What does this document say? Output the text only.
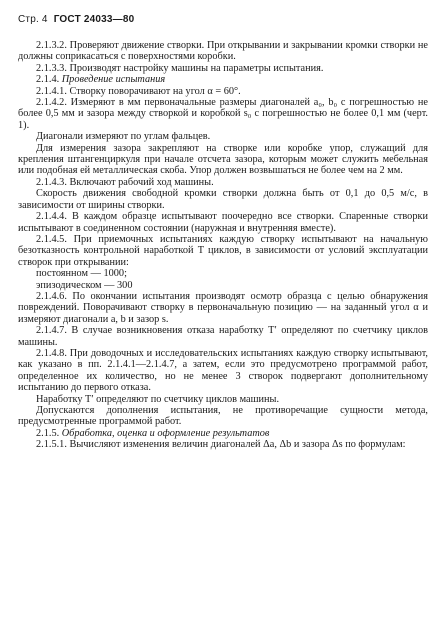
Стр. 4 ГОСТ 24033—80

2.1.3.2. Проверяют движение створки. При открывании и закрывании кромки створки не должны соприкасаться с поверхностями коробки.

2.1.3.3. Производят настройку машины на параметры испытания.

2.1.4. Проведение испытания

2.1.4.1. Створку поворачивают на угол α = 60°.

2.1.4.2. Измеряют в мм первоначальные размеры диагоналей a₀, b₀ с погрешностью не более 0,5 мм и зазора между створкой и коробкой s₀ с погрешностью не более 0,1 мм (черт. 1).

Диагонали измеряют по углам фальцев.

Для измерения зазора закрепляют на створке или коробке упор, служащий для крепления штангенциркуля при начале отсчета зазора, которым может служить мебельная или подобная ей металлическая скоба. Упор должен возвышаться не более чем на 2 мм.

2.1.4.3. Включают рабочий ход машины.

Скорость движения свободной кромки створки должна быть от 0,1 до 0,5 м/с, в зависимости от ширины створки.

2.1.4.4. В каждом образце испытывают поочередно все створки. Спаренные створки испытывают в соединенном состоянии (наружная и внутренняя вместе).

2.1.4.5. При приемочных испытаниях каждую створку испытывают на начальную безотказность контрольной наработкой T циклов, в зависимости от условий эксплуатации створок при открывании:

постоянном — 1000;

эпизодическом — 300

2.1.4.6. По окончании испытания производят осмотр образца с целью обнаружения повреждений. Поворачивают створку в первоначальную позицию — на заданный угол α и измеряют диагонали a, b и зазор s.

2.1.4.7. В случае возникновения отказа наработку T′ определяют по счетчику циклов машины.

2.1.4.8. При доводочных и исследовательских испытаниях каждую створку испытывают, как указано в пп. 2.1.4.1—2.1.4.7, а затем, если это предусмотрено программой работ, определенное их количество, но не менее 3 створок подвергают дополнительному испытанию до первого отказа.

Наработку T′ определяют по счетчику циклов машины.

Допускаются дополнения испытания, не противоречащие сущности метода, предусмотренные программой работ.

2.1.5. Обработка, оценка и оформление результатов

2.1.5.1. Вычисляют изменения величин диагоналей Δa, Δb и зазора Δs по формулам:
